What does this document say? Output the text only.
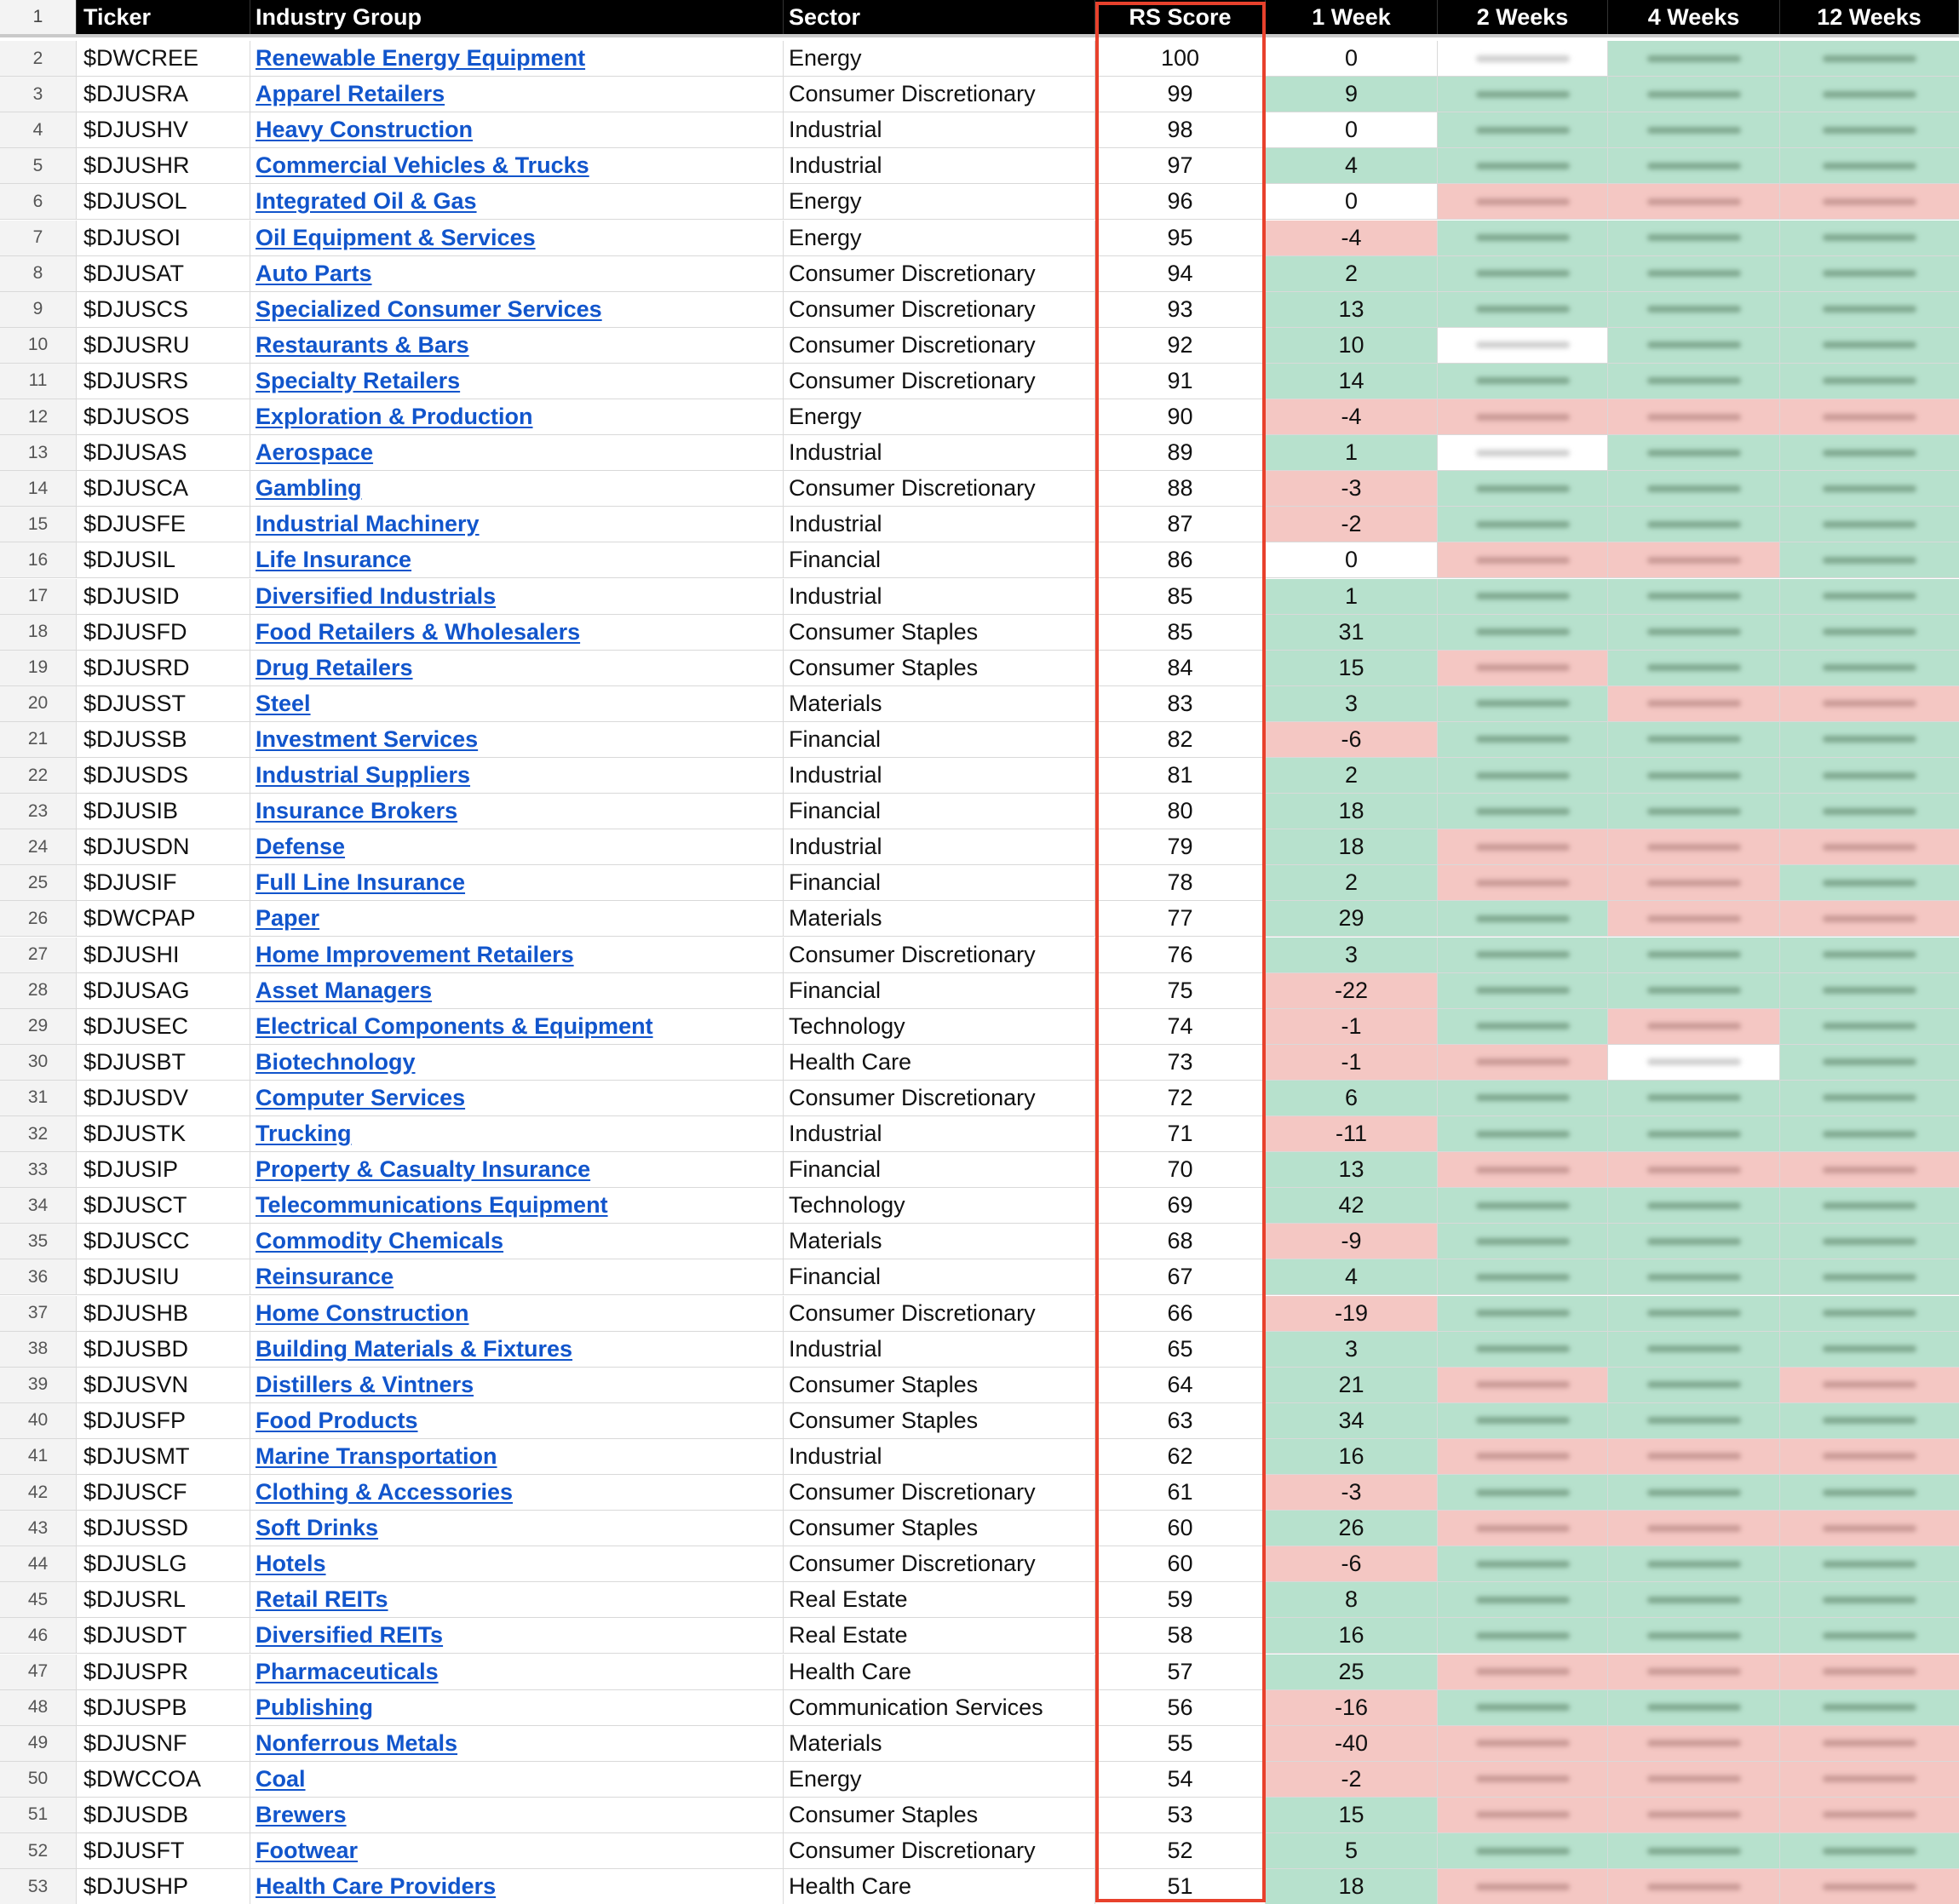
1	Ticker	Industry Group	Sector	RS Score	1 Week	2 Weeks	4 Weeks	12 Weeks
2	$DWCREE	Renewable Energy Equipment	Energy	100	0
3	$DJUSRA	Apparel Retailers	Consumer Discretionary	99	9
4	$DJUSHV	Heavy Construction	Industrial	98	0
5	$DJUSHR	Commercial Vehicles & Trucks	Industrial	97	4
6	$DJUSOL	Integrated Oil & Gas	Energy	96	0
7	$DJUSOI	Oil Equipment & Services	Energy	95	-4
8	$DJUSAT	Auto Parts	Consumer Discretionary	94	2
9	$DJUSCS	Specialized Consumer Services	Consumer Discretionary	93	13
10	$DJUSRU	Restaurants & Bars	Consumer Discretionary	92	10
11	$DJUSRS	Specialty Retailers	Consumer Discretionary	91	14
12	$DJUSOS	Exploration & Production	Energy	90	-4
13	$DJUSAS	Aerospace	Industrial	89	1
14	$DJUSCA	Gambling	Consumer Discretionary	88	-3
15	$DJUSFE	Industrial Machinery	Industrial	87	-2
16	$DJUSIL	Life Insurance	Financial	86	0
17	$DJUSID	Diversified Industrials	Industrial	85	1
18	$DJUSFD	Food Retailers & Wholesalers	Consumer Staples	85	31
19	$DJUSRD	Drug Retailers	Consumer Staples	84	15
20	$DJUSST	Steel	Materials	83	3
21	$DJUSSB	Investment Services	Financial	82	-6
22	$DJUSDS	Industrial Suppliers	Industrial	81	2
23	$DJUSIB	Insurance Brokers	Financial	80	18
24	$DJUSDN	Defense	Industrial	79	18
25	$DJUSIF	Full Line Insurance	Financial	78	2
26	$DWCPAP	Paper	Materials	77	29
27	$DJUSHI	Home Improvement Retailers	Consumer Discretionary	76	3
28	$DJUSAG	Asset Managers	Financial	75	-22
29	$DJUSEC	Electrical Components & Equipment	Technology	74	-1
30	$DJUSBT	Biotechnology	Health Care	73	-1
31	$DJUSDV	Computer Services	Consumer Discretionary	72	6
32	$DJUSTK	Trucking	Industrial	71	-11
33	$DJUSIP	Property & Casualty Insurance	Financial	70	13
34	$DJUSCT	Telecommunications Equipment	Technology	69	42
35	$DJUSCC	Commodity Chemicals	Materials	68	-9
36	$DJUSIU	Reinsurance	Financial	67	4
37	$DJUSHB	Home Construction	Consumer Discretionary	66	-19
38	$DJUSBD	Building Materials & Fixtures	Industrial	65	3
39	$DJUSVN	Distillers & Vintners	Consumer Staples	64	21
40	$DJUSFP	Food Products	Consumer Staples	63	34
41	$DJUSMT	Marine Transportation	Industrial	62	16
42	$DJUSCF	Clothing & Accessories	Consumer Discretionary	61	-3
43	$DJUSSD	Soft Drinks	Consumer Staples	60	26
44	$DJUSLG	Hotels	Consumer Discretionary	60	-6
45	$DJUSRL	Retail REITs	Real Estate	59	8
46	$DJUSDT	Diversified REITs	Real Estate	58	16
47	$DJUSPR	Pharmaceuticals	Health Care	57	25
48	$DJUSPB	Publishing	Communication Services	56	-16
49	$DJUSNF	Nonferrous Metals	Materials	55	-40
50	$DWCCOA	Coal	Energy	54	-2
51	$DJUSDB	Brewers	Consumer Staples	53	15
52	$DJUSFT	Footwear	Consumer Discretionary	52	5
53	$DJUSHP	Health Care Providers	Health Care	51	18
